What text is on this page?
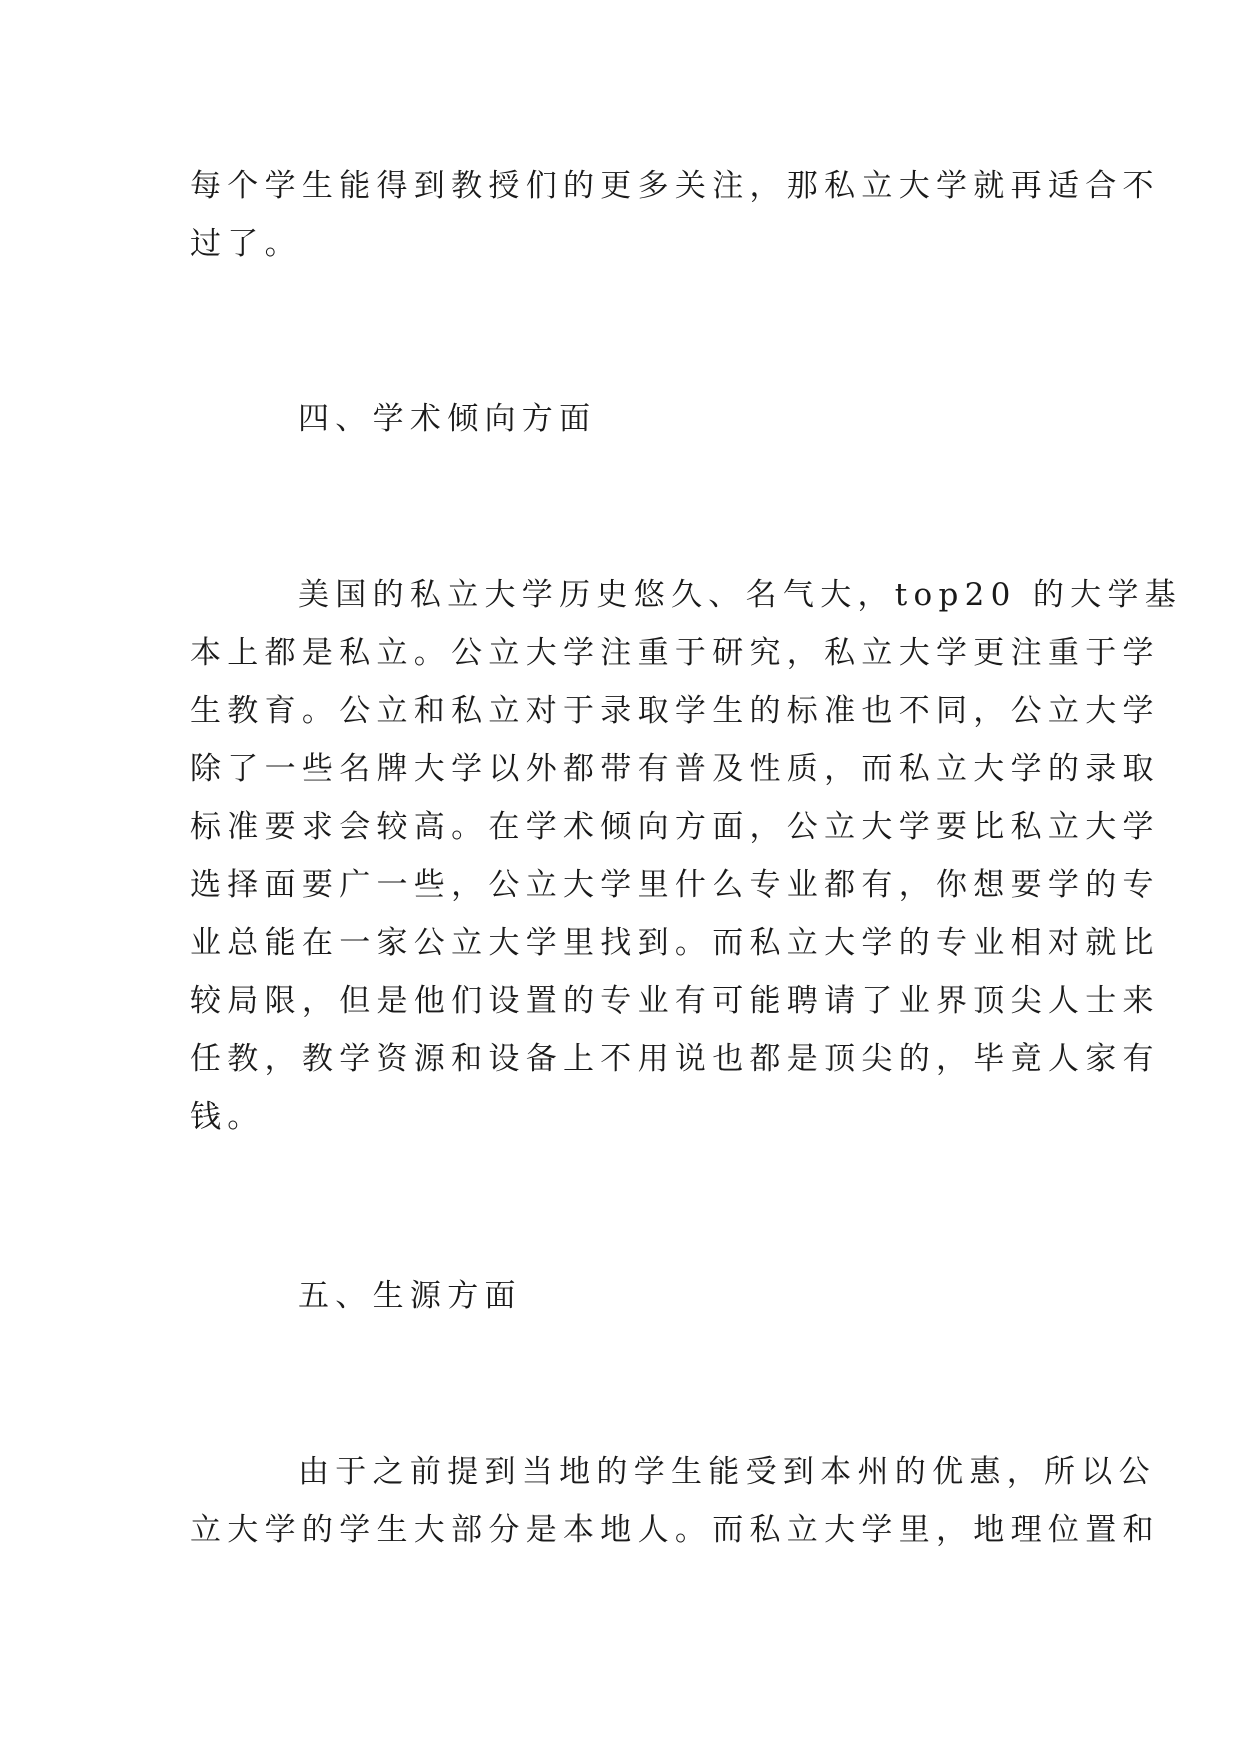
每个学生能得到教授们的更多关注，那私立大学就再适合不
过了。
四、学术倾向方面
美国的私立大学历史悠久、名气大，top20 的大学基
本上都是私立。公立大学注重于研究，私立大学更注重于学
生教育。公立和私立对于录取学生的标准也不同，公立大学
除了一些名牌大学以外都带有普及性质，而私立大学的录取
标准要求会较高。在学术倾向方面，公立大学要比私立大学
选择面要广一些，公立大学里什么专业都有，你想要学的专
业总能在一家公立大学里找到。而私立大学的专业相对就比
较局限，但是他们设置的专业有可能聘请了业界顶尖人士来
任教，教学资源和设备上不用说也都是顶尖的，毕竟人家有
钱。
五、生源方面
由于之前提到当地的学生能受到本州的优惠，所以公
立大学的学生大部分是本地人。而私立大学里，地理位置和
